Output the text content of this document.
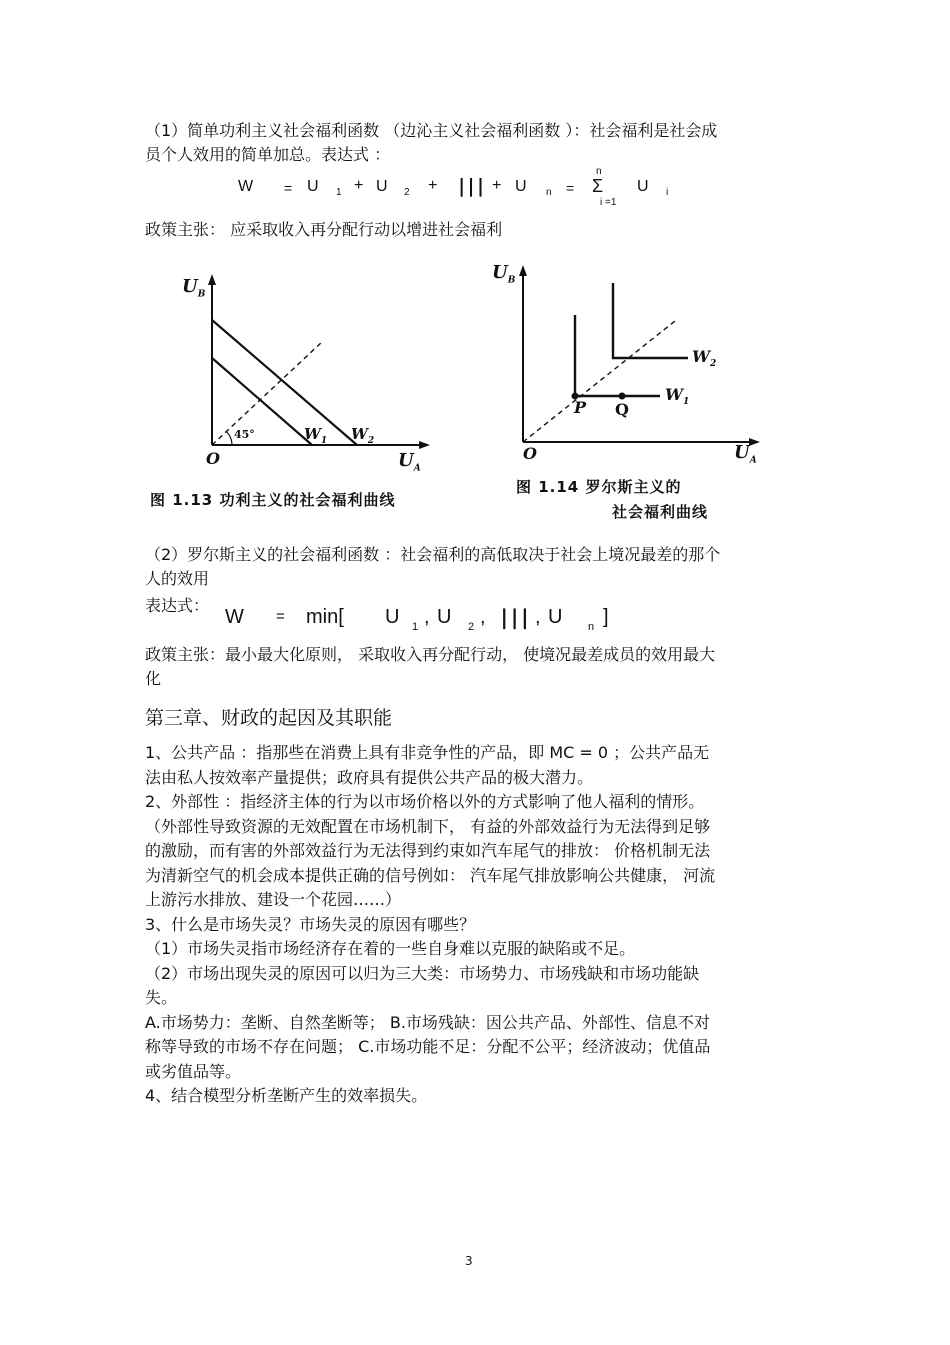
（1）简单功利主义社会福利函数 （边沁主义社会福利函数 ）：社会福利是社会成
员个人效用的简单加总。表达式 ：
W = U 1 + U 2 +	❙❙❙ + U n =
n
Σ
i =1
U i
政策主张： 应采取收入再分配行动以增进社会福利
$U_B$
$U_A$
O
45°	$W_1$ $W_2$
图 1.13 功利主义的社会福利曲线
$U_B$
$U_A$
O
P Q
$W_1$
$W_2$
图 1.14 罗尔斯主义的
社会福利曲线
（2）罗尔斯主义的社会福利函数 ：社会福利的高低取决于社会上境况最差的那个
人的效用
表达式：
W = min[ U 1 , U 2 , ❙❙❙ , U n ]
政策主张：最小最大化原则， 采取收入再分配行动， 使境况最差成员的效用最大
化
第三章、财政的起因及其职能
1、公共产品 ：指那些在消费上具有非竞争性的产品，即 MC = 0 ；公共产品无
法由私人按效率产量提供；政府具有提供公共产品的极大潜力。
2、外部性 ：指经济主体的行为以市场价格以外的方式影响了他人福利的情形。
（外部性导致资源的无效配置在市场机制下， 有益的外部效益行为无法得到足够
的激励，而有害的外部效益行为无法得到约束如汽车尾气的排放： 价格机制无法
为清新空气的机会成本提供正确的信号例如： 汽车尾气排放影响公共健康， 河流
上游污水排放、建设一个花园……）
3、什么是市场失灵？市场失灵的原因有哪些？
（1）市场失灵指市场经济存在着的一些自身难以克服的缺陷或不足。
（2）市场出现失灵的原因可以归为三大类：市场势力、市场残缺和市场功能缺
失。
A.市场势力：垄断、自然垄断等； B.市场残缺：因公共产品、外部性、信息不对
称等导致的市场不存在问题； C.市场功能不足：分配不公平；经济波动；优值品
或劣值品等。
4、结合模型分析垄断产生的效率损失。
3
